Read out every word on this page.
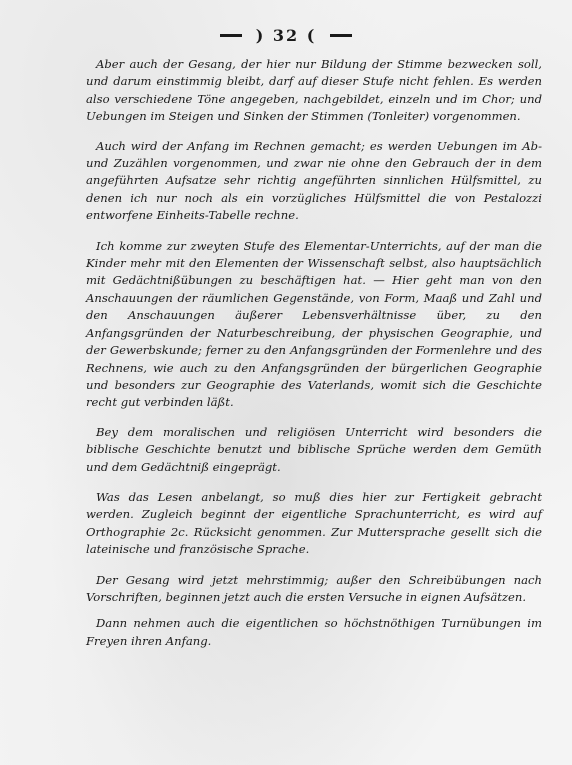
) 32 (

Aber auch der Gesang, der hier nur Bildung der Stimme bezwecken soll, und darum einstimmig bleibt, darf auf dieser Stufe nicht fehlen. Es werden also verschiedene Töne angegeben, nachgebildet, einzeln und im Chor; und Uebungen im Steigen und Sinken der Stimmen (Tonleiter) vorgenommen.

Auch wird der Anfang im Rechnen gemacht; es werden Uebungen im Ab- und Zuzählen vorgenommen, und zwar nie ohne den Gebrauch der in dem angeführten Aufsatze sehr richtig angeführten sinnlichen Hülfsmittel, zu denen ich nur noch als ein vorzügliches Hülfsmittel die von Pestalozzi entworfene Einheits-Tabelle rechne.

Ich komme zur zweyten Stufe des Elementar-Unterrichts, auf der man die Kinder mehr mit den Elementen der Wissenschaft selbst, also hauptsächlich mit Gedächtnißübungen zu beschäftigen hat. — Hier geht man von den Anschauungen der räumlichen Gegenstände, von Form, Maaß und Zahl und den Anschauungen äußerer Lebensverhältnisse über, zu den Anfangsgründen der Naturbeschreibung, der physischen Geographie, und der Gewerbskunde; ferner zu den Anfangsgründen der Formenlehre und des Rechnens, wie auch zu den Anfangsgründen der bürgerlichen Geographie und besonders zur Geographie des Vaterlands, womit sich die Geschichte recht gut verbinden läßt.

Bey dem moralischen und religiösen Unterricht wird besonders die biblische Geschichte benutzt und biblische Sprüche werden dem Gemüth und dem Gedächtniß eingeprägt.

Was das Lesen anbelangt, so muß dies hier zur Fertigkeit gebracht werden. Zugleich beginnt der eigentliche Sprachunterricht, es wird auf Orthographie 2c. Rücksicht genommen. Zur Muttersprache gesellt sich die lateinische und französische Sprache.

Der Gesang wird jetzt mehrstimmig; außer den Schreibübungen nach Vorschriften, beginnen jetzt auch die ersten Versuche in eignen Aufsätzen.

Dann nehmen auch die eigentlichen so höchstnöthigen Turnübungen im Freyen ihren Anfang.
